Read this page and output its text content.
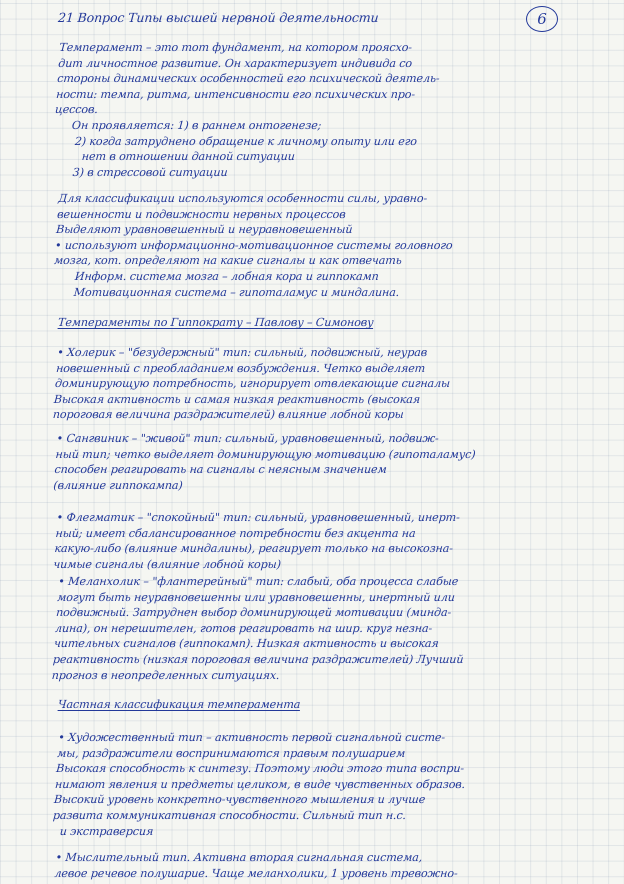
21 Вопрос Типы высшей нервной деятельности	6
Темперамент – это тот фундамент, на котором проясхо-
дит личностное развитие. Он характеризует индивида со
стороны динамических особенностей его психической деятель-
ности: темпа, ритма, интенсивности его психических про-
цессов.
Он проявляется: 1) в раннем онтогенезе;
2) когда затруднено обращение к личному опыту или его
нет в отношении данной ситуации
3) в стрессовой ситуации
Для классификации используются особенности силы, уравно-
вешенности и подвижности нервных процессов
Выделяют уравновешенный и неуравновешенный
• используют информационно-мотивационное системы головного
мозга, кот. определяют на какие сигналы и как отвечать
Информ. система мозга – лобная кора и гиппокамп
Мотивационная система – гипоталамус и миндалина.
Темпераменты по Гиппократу – Павлову – Симонову
• Холерик – "безудержный" тип: сильный, подвижный, неурав
новешенный с преобладанием возбуждения. Четко выделяет
доминирующую потребность, игнорирует отвлекающие сигналы
Высокая активность и самая низкая реактивность (высокая
пороговая величина раздражителей) влияние лобной коры
• Сангвиник – "живой" тип: сильный, уравновешенный, подвиж-
ный тип; четко выделяет доминирующую мотивацию (гипоталамус)
способен реагировать на сигналы с неясным значением
(влияние гиппокампа)
• Флегматик – "спокойный" тип: сильный, уравновешенный, инерт-
ный; имеет сбалансированное потребности без акцента на
какую-либо (влияние миндалины), реагирует только на высокозна-
чимые сигналы (влияние лобной коры)
• Меланхолик – "флантерейный" тип: слабый, оба процесса слабые
могут быть неуравновешенны или уравновешенны, инертный или
подвижный. Затруднен выбор доминирующей мотивации (минда-
лина), он нерешителен, готов реагировать на шир. круг незна-
чительных сигналов (гиппокамп). Низкая активность и высокая
реактивность (низкая пороговая величина раздражителей) Лучший
прогноз в неопределенных ситуациях.
Частная классификация темперамента
• Художественный тип – активность первой сигнальной систе-
мы, раздражители воспринимаются правым полушарием
Высокая способность к синтезу. Поэтому люди этого типа воспри-
нимают явления и предметы целиком, в виде чувственных образов.
Высокий уровень конкретно-чувственного мышления и лучше
развита коммуникативная способности. Сильный тип н.с.
и экстраверсия
• Мыслительный тип. Активна вторая сигнальная система,
левое речевое полушарие. Чаще меланхолики, 1 уровень тревожно-
